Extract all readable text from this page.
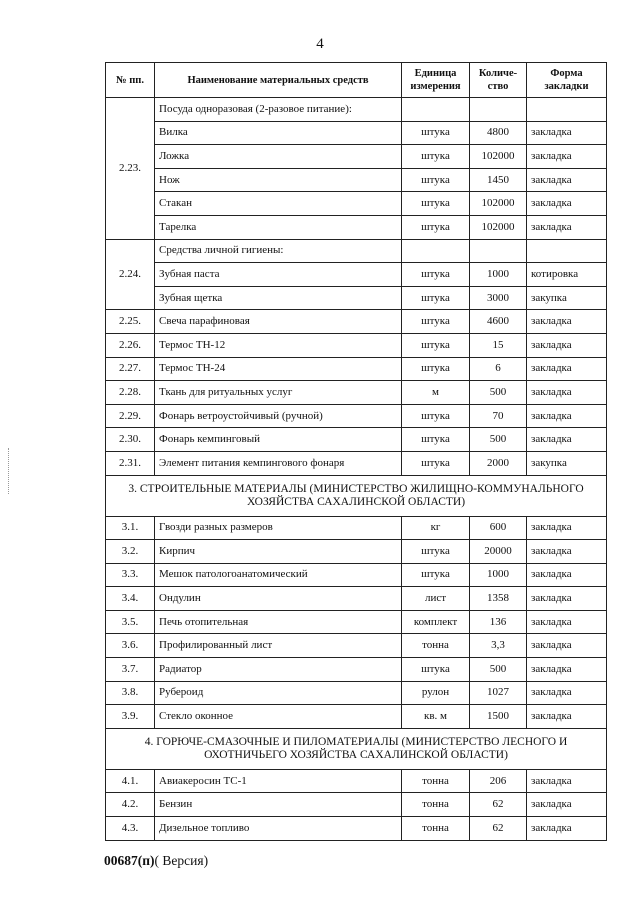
4
№ пп.	Наименование материальных средств	Единица измерения	Количе-ство	Форма закладки
2.23.	Посуда одноразовая (2-разовое питание):			
	Вилка	штука	4800	закладка
	Ложка	штука	102000	закладка
	Нож	штука	1450	закладка
	Стакан	штука	102000	закладка
	Тарелка	штука	102000	закладка
2.24.	Средства личной гигиены:			
	Зубная паста	штука	1000	котировка
	Зубная щетка	штука	3000	закупка
2.25.	Свеча парафиновая	штука	4600	закладка
2.26.	Термос ТН-12	штука	15	закладка
2.27.	Термос ТН-24	штука	6	закладка
2.28.	Ткань для ритуальных услуг	м	500	закладка
2.29.	Фонарь ветроустойчивый (ручной)	штука	70	закладка
2.30.	Фонарь кемпинговый	штука	500	закладка
2.31.	Элемент питания кемпингового фонаря	штука	2000	закупка
3. СТРОИТЕЛЬНЫЕ МАТЕРИАЛЫ (МИНИСТЕРСТВО ЖИЛИЩНО-КОММУНАЛЬНОГО ХОЗЯЙСТВА САХАЛИНСКОЙ ОБЛАСТИ)				
3.1.	Гвозди разных размеров	кг	600	закладка
3.2.	Кирпич	штука	20000	закладка
3.3.	Мешок патологоанатомический	штука	1000	закладка
3.4.	Ондулин	лист	1358	закладка
3.5.	Печь отопительная	комплект	136	закладка
3.6.	Профилированный лист	тонна	3,3	закладка
3.7.	Радиатор	штука	500	закладка
3.8.	Рубероид	рулон	1027	закладка
3.9.	Стекло оконное	кв. м	1500	закладка
4. ГОРЮЧЕ-СМАЗОЧНЫЕ И ПИЛОМАТЕРИАЛЫ (МИНИСТЕРСТВО ЛЕСНОГО И ОХОТНИЧЬЕГО ХОЗЯЙСТВА САХАЛИНСКОЙ ОБЛАСТИ)				
4.1.	Авиакеросин ТС-1	тонна	206	закладка
4.2.	Бензин	тонна	62	закладка
4.3.	Дизельное топливо	тонна	62	закладка
00687(п)( Версия)
